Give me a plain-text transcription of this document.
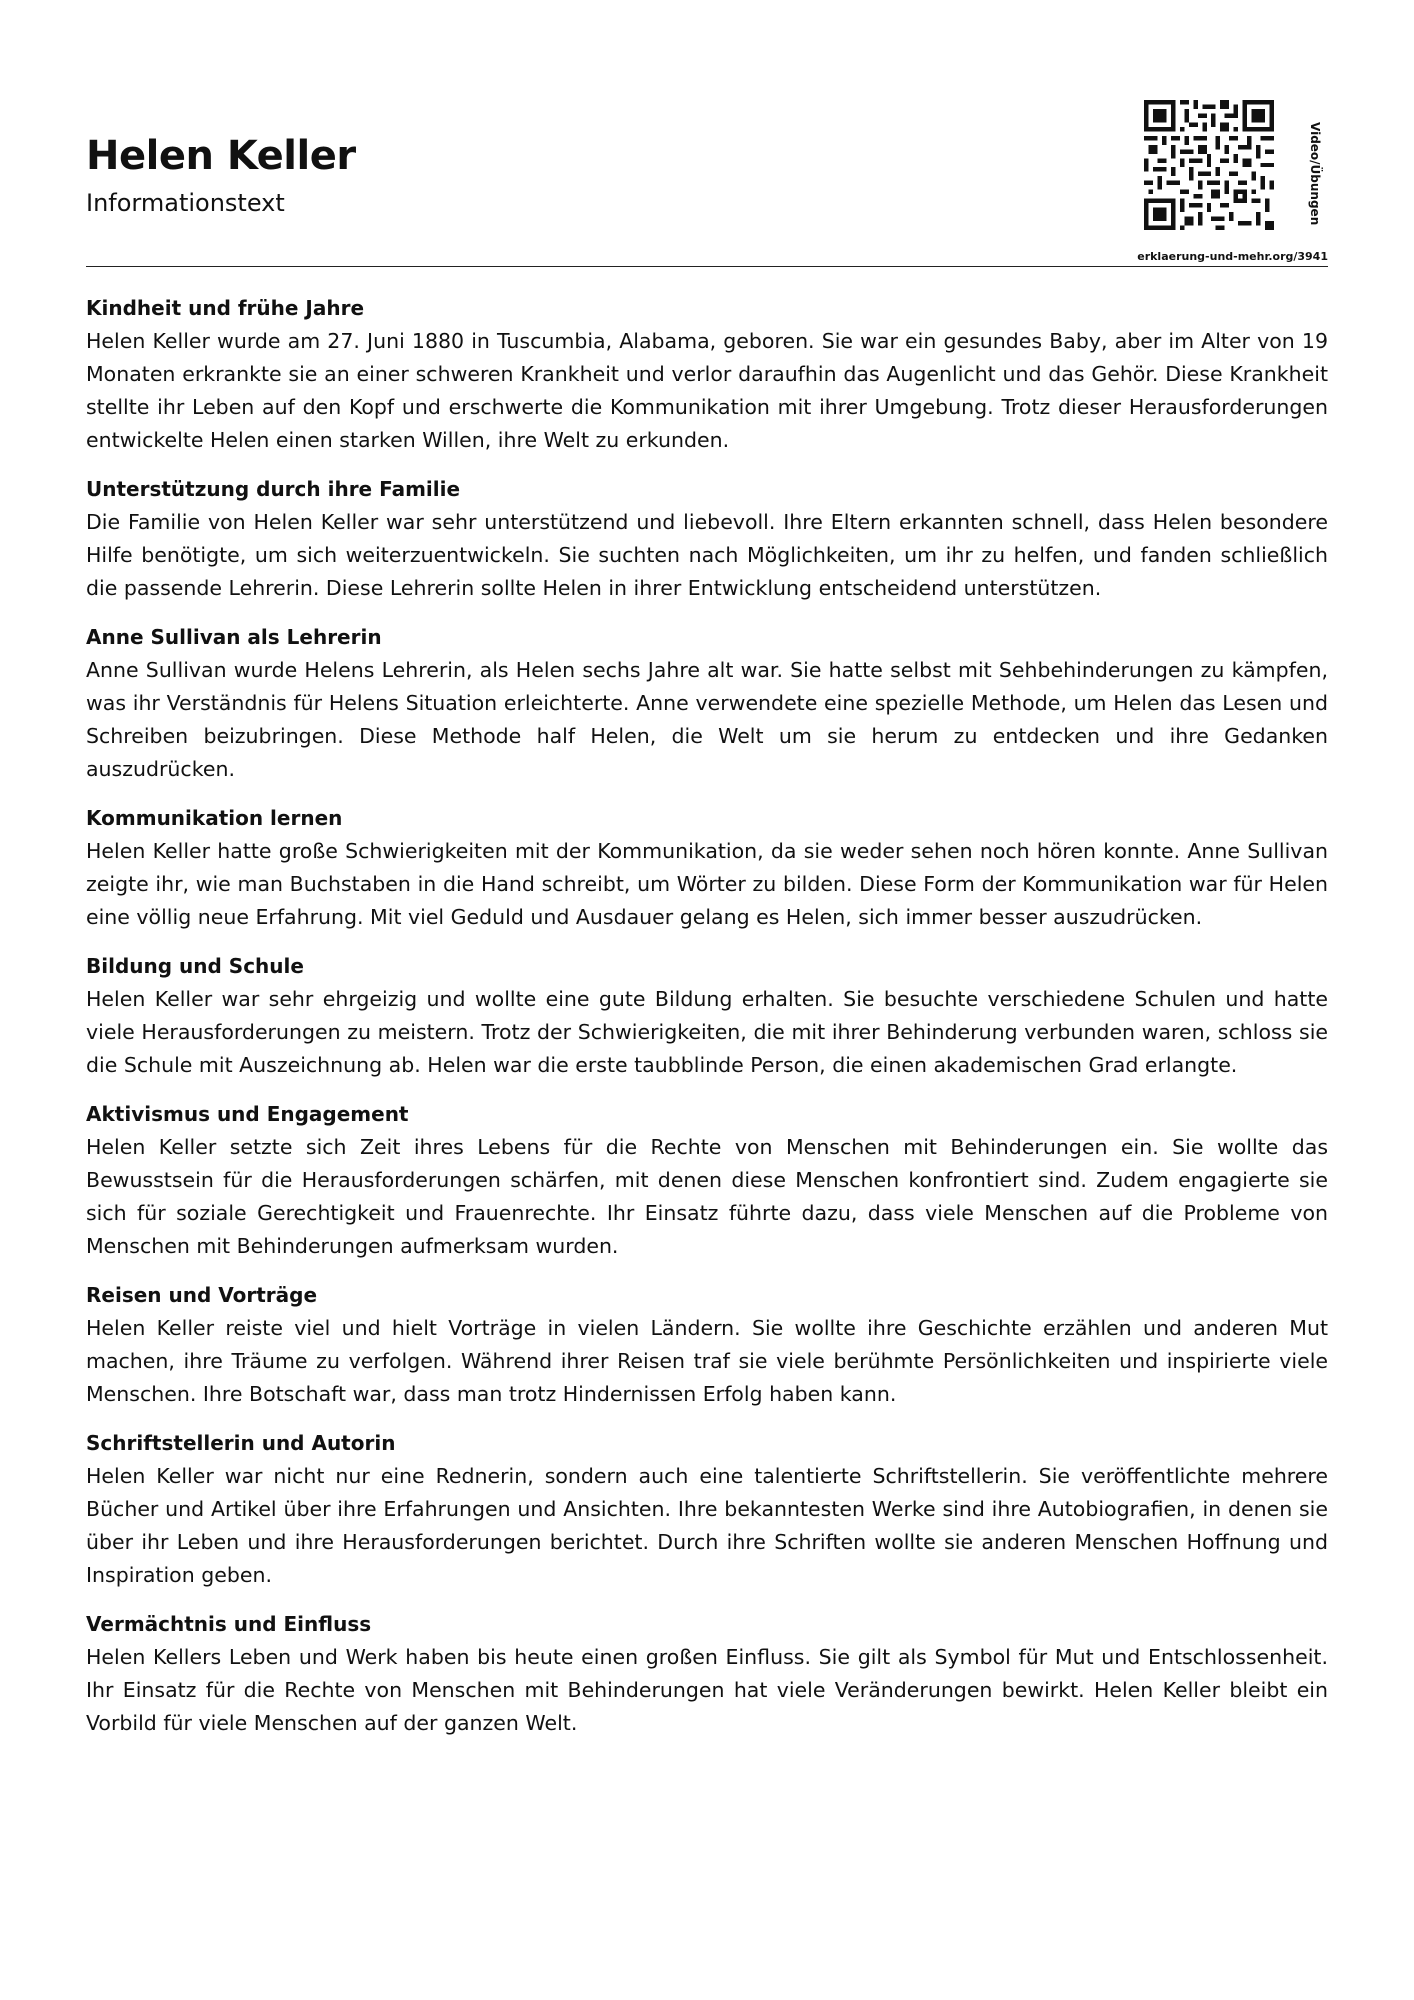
Helen Keller
Informationstext
erklaerung-und-mehr.org/3941
Video/Übungen
Kindheit und frühe Jahre

Helen Keller wurde am 27. Juni 1880 in Tuscumbia, Alabama, geboren. Sie war ein gesundes Baby, aber im Alter von 19 Monaten erkrankte sie an einer schweren Krankheit und verlor daraufhin das Augenlicht und das Gehör. Diese Krankheit stellte ihr Leben auf den Kopf und erschwerte die Kommunikation mit ihrer Umgebung. Trotz dieser Herausforderungen entwickelte Helen einen starken Willen, ihre Welt zu erkunden.

Unterstützung durch ihre Familie

Die Familie von Helen Keller war sehr unterstützend und liebevoll. Ihre Eltern erkannten schnell, dass Helen besondere Hilfe benötigte, um sich weiterzuentwickeln. Sie suchten nach Möglichkeiten, um ihr zu helfen, und fanden schließlich die passende Lehrerin. Diese Lehrerin sollte Helen in ihrer Entwicklung entscheidend unterstützen.

Anne Sullivan als Lehrerin

Anne Sullivan wurde Helens Lehrerin, als Helen sechs Jahre alt war. Sie hatte selbst mit Sehbehinderungen zu kämpfen, was ihr Verständnis für Helens Situation erleichterte. Anne verwendete eine spezielle Methode, um Helen das Lesen und Schreiben beizubringen. Diese Methode half Helen, die Welt um sie herum zu entdecken und ihre Gedanken auszudrücken.

Kommunikation lernen

Helen Keller hatte große Schwierigkeiten mit der Kommunikation, da sie weder sehen noch hören konnte. Anne Sullivan zeigte ihr, wie man Buchstaben in die Hand schreibt, um Wörter zu bilden. Diese Form der Kommunikation war für Helen eine völlig neue Erfahrung. Mit viel Geduld und Ausdauer gelang es Helen, sich immer besser auszudrücken.

Bildung und Schule

Helen Keller war sehr ehrgeizig und wollte eine gute Bildung erhalten. Sie besuchte verschiedene Schulen und hatte viele Herausforderungen zu meistern. Trotz der Schwierigkeiten, die mit ihrer Behinderung verbunden waren, schloss sie die Schule mit Auszeichnung ab. Helen war die erste taubblinde Person, die einen akademischen Grad erlangte.

Aktivismus und Engagement

Helen Keller setzte sich Zeit ihres Lebens für die Rechte von Menschen mit Behinderungen ein. Sie wollte das Bewusstsein für die Herausforderungen schärfen, mit denen diese Menschen konfrontiert sind. Zudem engagierte sie sich für soziale Gerechtigkeit und Frauenrechte. Ihr Einsatz führte dazu, dass viele Menschen auf die Probleme von Menschen mit Behinderungen aufmerksam wurden.

Reisen und Vorträge

Helen Keller reiste viel und hielt Vorträge in vielen Ländern. Sie wollte ihre Geschichte erzählen und anderen Mut machen, ihre Träume zu verfolgen. Während ihrer Reisen traf sie viele berühmte Persönlichkeiten und inspirierte viele Menschen. Ihre Botschaft war, dass man trotz Hindernissen Erfolg haben kann.

Schriftstellerin und Autorin

Helen Keller war nicht nur eine Rednerin, sondern auch eine talentierte Schriftstellerin. Sie veröffentlichte mehrere Bücher und Artikel über ihre Erfahrungen und Ansichten. Ihre bekanntesten Werke sind ihre Autobiografien, in denen sie über ihr Leben und ihre Herausforderungen berichtet. Durch ihre Schriften wollte sie anderen Menschen Hoffnung und Inspiration geben.

Vermächtnis und Einfluss

Helen Kellers Leben und Werk haben bis heute einen großen Einfluss. Sie gilt als Symbol für Mut und Entschlossenheit. Ihr Einsatz für die Rechte von Menschen mit Behinderungen hat viele Veränderungen bewirkt. Helen Keller bleibt ein Vorbild für viele Menschen auf der ganzen Welt.
